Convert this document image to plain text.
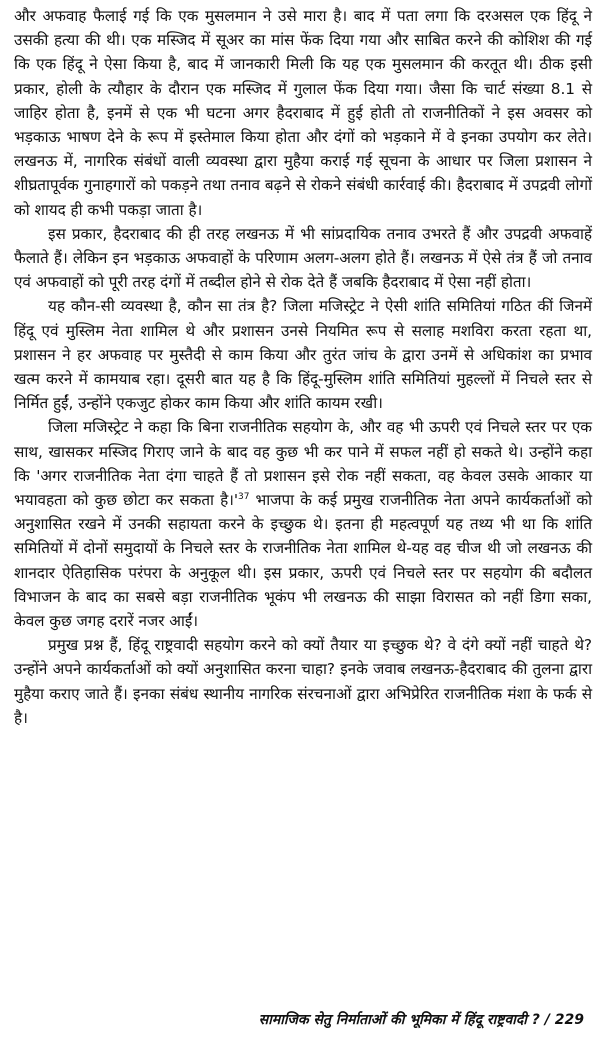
और अफवाह फैलाई गई कि एक मुसलमान ने उसे मारा है। बाद में पता लगा कि दरअसल एक हिंदू ने उसकी हत्या की थी। एक मस्जिद में सूअर का मांस फेंक दिया गया और साबित करने की कोशिश की गई कि एक हिंदू ने ऐसा किया है, बाद में जानकारी मिली कि यह एक मुसलमान की करतूत थी। ठीक इसी प्रकार, होली के त्यौहार के दौरान एक मस्जिद में गुलाल फेंक दिया गया। जैसा कि चार्ट संख्या 8.1 से जाहिर होता है, इनमें से एक भी घटना अगर हैदराबाद में हुई होती तो राजनीतिकों ने इस अवसर को भड़काऊ भाषण देने के रूप में इस्तेमाल किया होता और दंगों को भड़काने में वे इनका उपयोग कर लेते। लखनऊ में, नागरिक संबंधों वाली व्यवस्था द्वारा मुहैया कराई गई सूचना के आधार पर जिला प्रशासन ने शीघ्रतापूर्वक गुनाहगारों को पकड़ने तथा तनाव बढ़ने से रोकने संबंधी कार्रवाई की। हैदराबाद में उपद्रवी लोगों को शायद ही कभी पकड़ा जाता है।

इस प्रकार, हैदराबाद की ही तरह लखनऊ में भी सांप्रदायिक तनाव उभरते हैं और उपद्रवी अफवाहें फैलाते हैं। लेकिन इन भड़काऊ अफवाहों के परिणाम अलग-अलग होते हैं। लखनऊ में ऐसे तंत्र हैं जो तनाव एवं अफवाहों को पूरी तरह दंगों में तब्दील होने से रोक देते हैं जबकि हैदराबाद में ऐसा नहीं होता।

यह कौन-सी व्यवस्था है, कौन सा तंत्र है? जिला मजिस्ट्रेट ने ऐसी शांति समितियां गठित कीं जिनमें हिंदू एवं मुस्लिम नेता शामिल थे और प्रशासन उनसे नियमित रूप से सलाह मशविरा करता रहता था, प्रशासन ने हर अफवाह पर मुस्तैदी से काम किया और तुरंत जांच के द्वारा उनमें से अधिकांश का प्रभाव खत्म करने में कामयाब रहा। दूसरी बात यह है कि हिंदू-मुस्लिम शांति समितियां मुहल्लों में निचले स्तर से निर्मित हुईं, उन्होंने एकजुट होकर काम किया और शांति कायम रखी।

जिला मजिस्ट्रेट ने कहा कि बिना राजनीतिक सहयोग के, और वह भी ऊपरी एवं निचले स्तर पर एक साथ, खासकर मस्जिद गिराए जाने के बाद वह कुछ भी कर पाने में सफल नहीं हो सकते थे। उन्होंने कहा कि 'अगर राजनीतिक नेता दंगा चाहते हैं तो प्रशासन इसे रोक नहीं सकता, वह केवल उसके आकार या भयावहता को कुछ छोटा कर सकता $है।'^{37}$ भाजपा के कई प्रमुख राजनीतिक नेता अपने कार्यकर्ताओं को अनुशासित रखने में उनकी सहायता करने के इच्छुक थे। इतना ही महत्वपूर्ण यह तथ्य भी था कि शांति समितियों में दोनों समुदायों के निचले स्तर के राजनीतिक नेता शामिल थे-यह वह चीज थी जो लखनऊ की शानदार ऐतिहासिक परंपरा के अनुकूल थी। इस प्रकार, ऊपरी एवं निचले स्तर पर सहयोग की बदौलत विभाजन के बाद का सबसे बड़ा राजनीतिक भूकंप भी लखनऊ की साझा विरासत को नहीं डिगा सका, केवल कुछ जगह दरारें नजर आईं।

प्रमुख प्रश्न हैं, हिंदू राष्ट्रवादी सहयोग करने को क्यों तैयार या इच्छुक थे? वे दंगे क्यों नहीं चाहते थे? उन्होंने अपने कार्यकर्ताओं को क्यों अनुशासित करना चाहा? इनके जवाब लखनऊ-हैदराबाद की तुलना द्वारा मुहैया कराए जाते हैं। इनका संबंध स्थानीय नागरिक संरचनाओं द्वारा अभिप्रेरित राजनीतिक मंशा के फर्क से है।

सामाजिक सेतु निर्माताओं की भूमिका में हिंदू राष्ट्रवादी ? / 229
